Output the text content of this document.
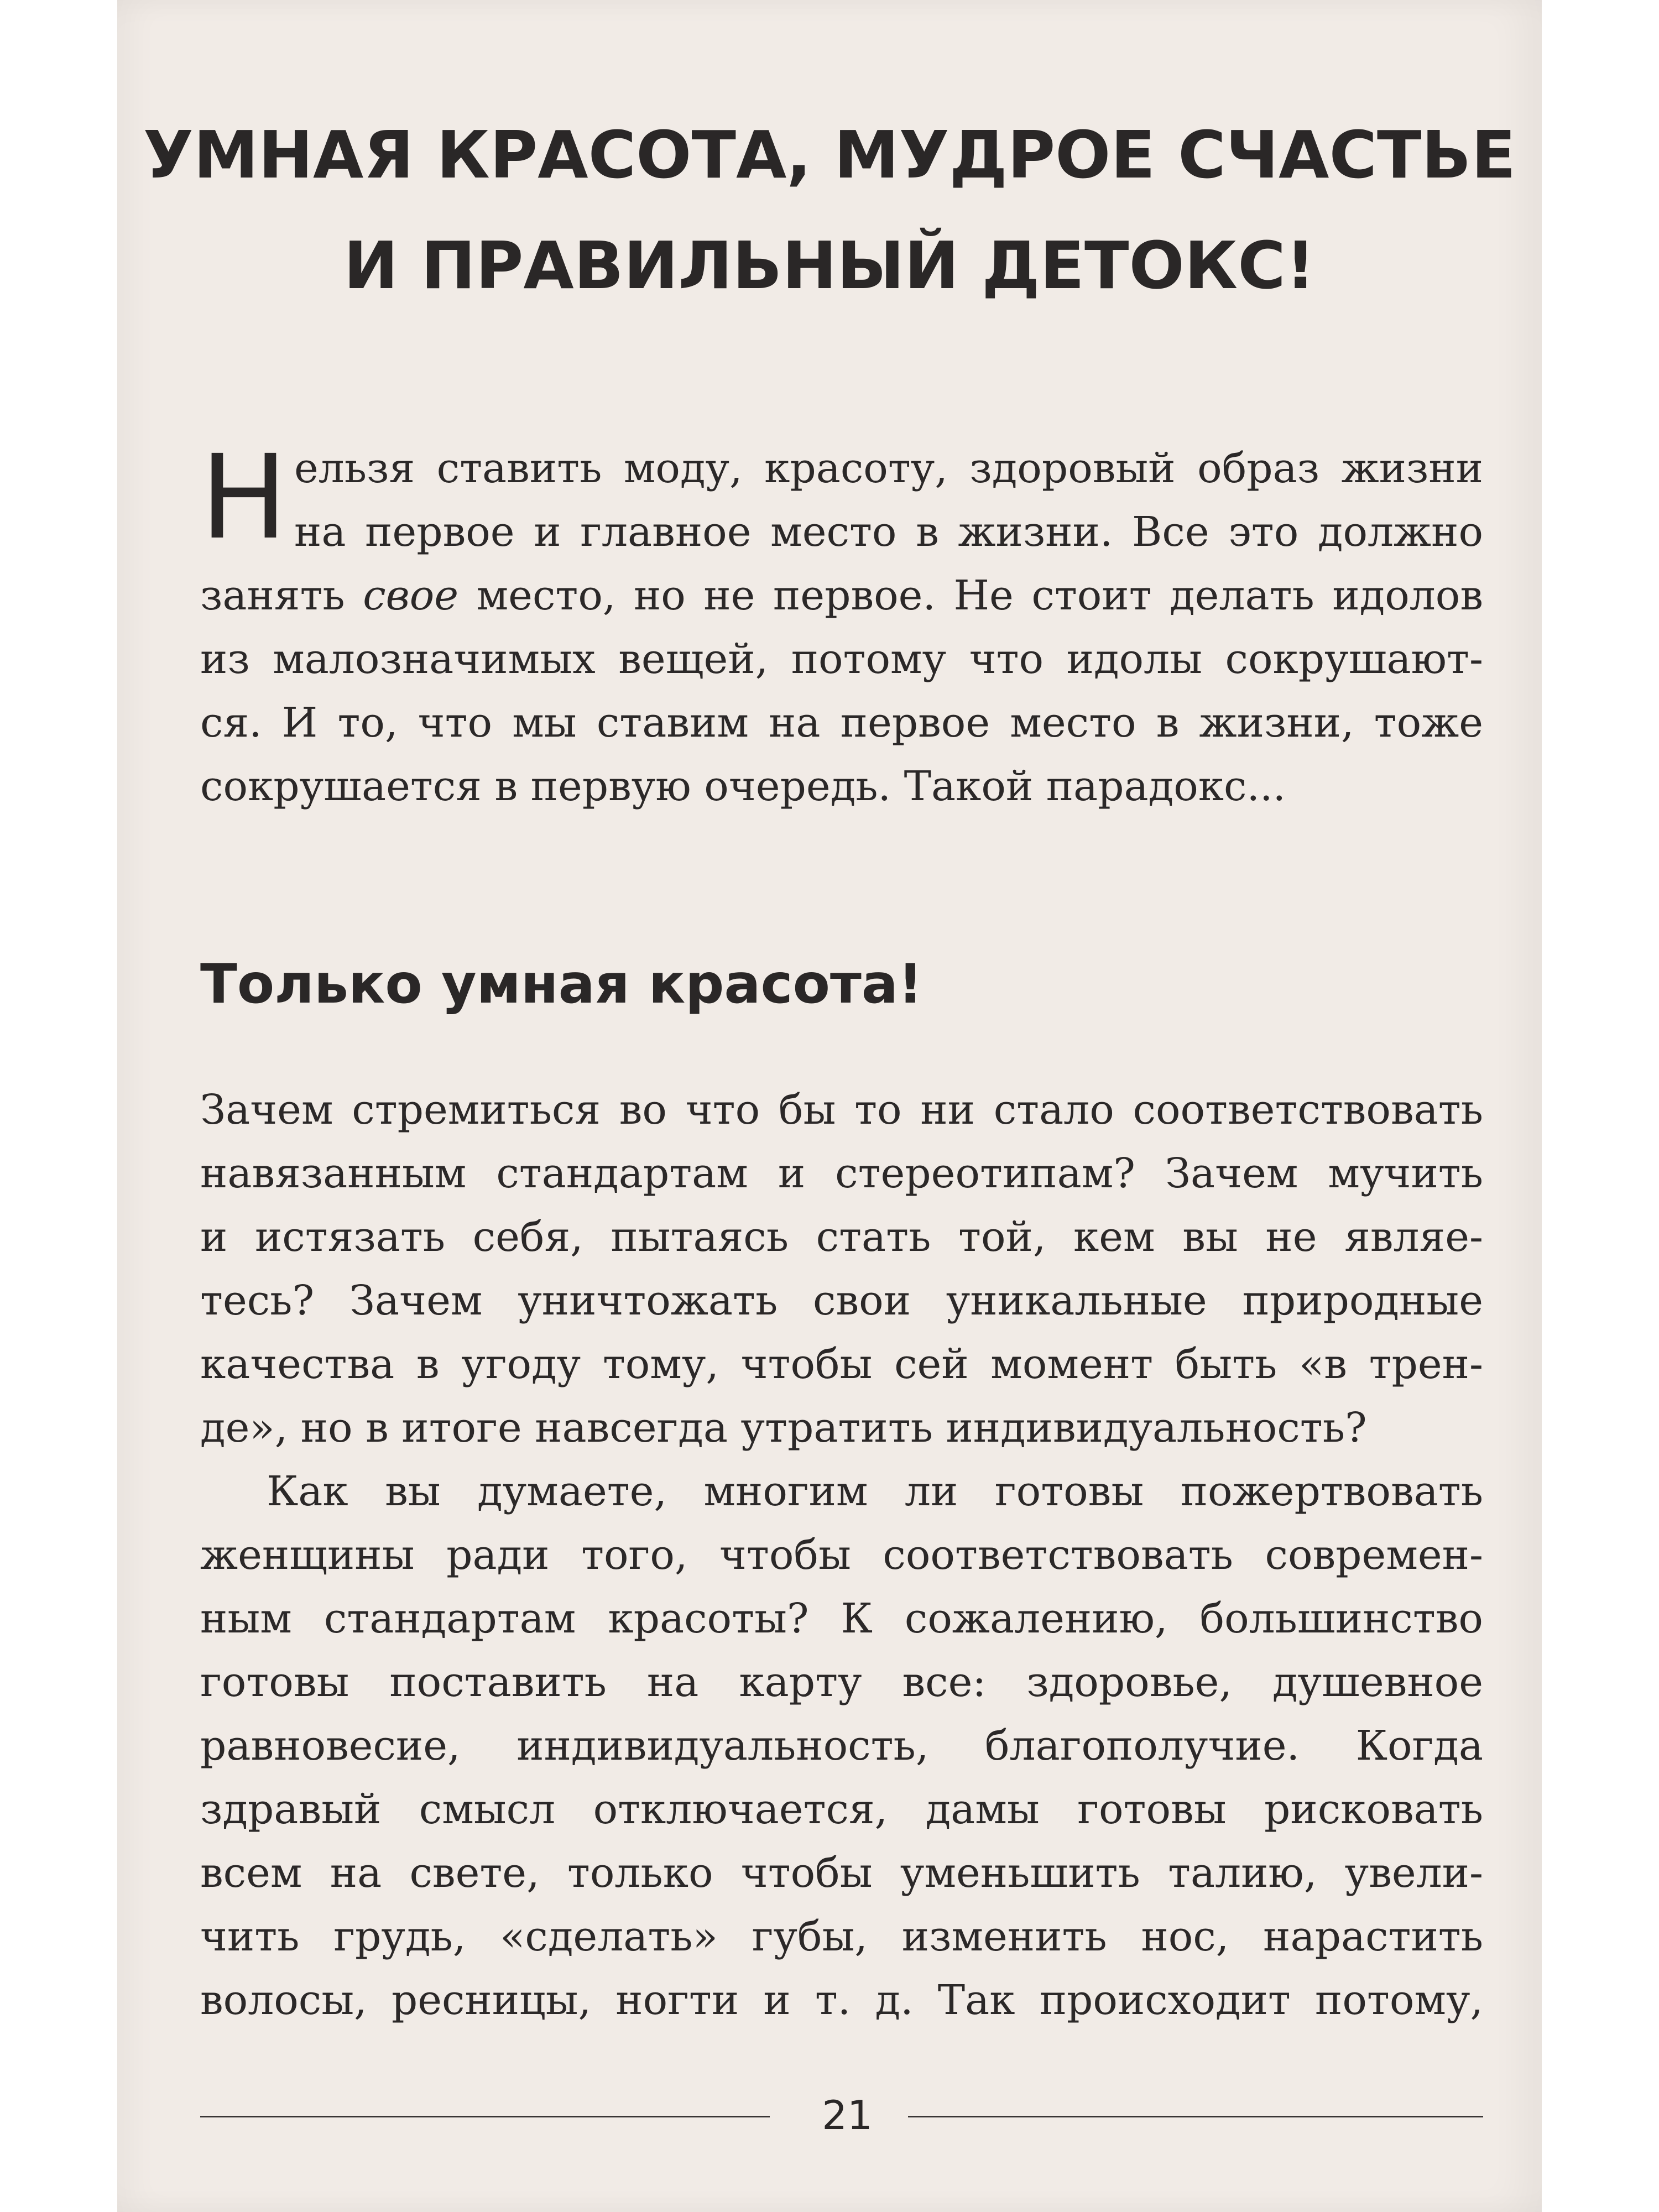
УМНАЯ КРАСОТА, МУДРОЕ СЧАСТЬЕ
И ПРАВИЛЬНЫЙ ДЕТОКС!
Н ельзя ставить моду, красоту, здоровый образ жизни
на первое и главное место в жизни. Все это должно
занять свое место, но не первое. Не стоит делать идолов
из малозначимых вещей, потому что идолы сокрушают-
ся. И то, что мы ставим на первое место в жизни, тоже
сокрушается в первую очередь. Такой парадокс...

Только умная красота!

Зачем стремиться во что бы то ни стало соответствовать
навязанным стандартам и стереотипам? Зачем мучить
и истязать себя, пытаясь стать той, кем вы не являе-
тесь? Зачем уничтожать свои уникальные природные
качества в угоду тому, чтобы сей момент быть «в трен-
де», но в итоге навсегда утратить индивидуальность?
Как вы думаете, многим ли готовы пожертвовать
женщины ради того, чтобы соответствовать современ-
ным стандартам красоты? К сожалению, большинство
готовы поставить на карту все: здоровье, душевное
равновесие, индивидуальность, благополучие. Когда
здравый смысл отключается, дамы готовы рисковать
всем на свете, только чтобы уменьшить талию, увели-
чить грудь, «сделать» губы, изменить нос, нарастить
волосы, ресницы, ногти и т. д. Так происходит потому,

21
